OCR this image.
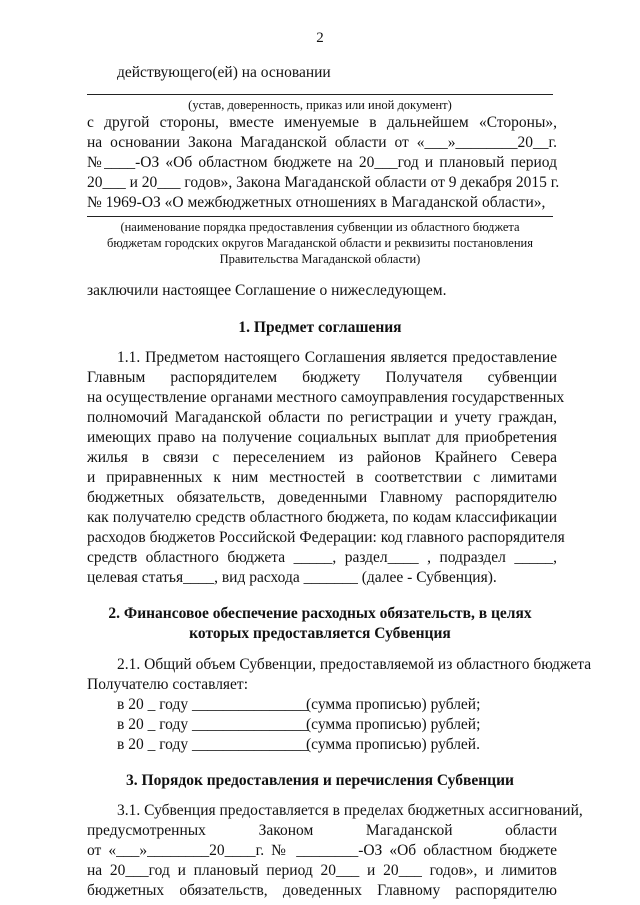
2
действующего(ей) на основании
(устав, доверенность, приказ или иной документ)
с другой стороны, вместе именуемые в дальнейшем «Стороны»,
на основании Закона Магаданской области от «___»________20__г.
№____-ОЗ «Об областном бюджете на 20___год и плановый период
20___ и 20___ годов», Закона Магаданской области от 9 декабря 2015 г.
№ 1969-ОЗ «О межбюджетных отношениях в Магаданской области»,
(наименование порядка предоставления субвенции из областного бюджета
бюджетам городских округов Магаданской области и реквизиты постановления
Правительства Магаданской области)
заключили настоящее Соглашение о нижеследующем.
1. Предмет соглашения
1.1. Предметом настоящего Соглашения является предоставление
Главным распорядителем бюджету Получателя субвенции
на осуществление органами местного самоуправления государственных
полномочий Магаданской области по регистрации и учету граждан,
имеющих право на получение социальных выплат для приобретения
жилья в связи с переселением из районов Крайнего Севера
и приравненных к ним местностей в соответствии с лимитами
бюджетных обязательств, доведенными Главному распорядителю
как получателю средств областного бюджета, по кодам классификации
расходов бюджетов Российской Федерации: код главного распорядителя
средств областного бюджета _____, раздел____ , подраздел _____,
целевая статья____, вид расхода _______ (далее - Субвенция).
2. Финансовое обеспечение расходных обязательств, в целях
которых предоставляется Субвенция
2.1. Общий объем Субвенции, предоставляемой из областного бюджета
Получателю составляет:
в 20 _ году _______________
(сумма прописью) рублей;
в 20 _ году _______________
(сумма прописью) рублей;
в 20 _ году _______________
(сумма прописью) рублей.
3. Порядок предоставления и перечисления Субвенции
3.1. Субвенция предоставляется в пределах бюджетных ассигнований,
предусмотренных Законом Магаданской области
от «___»________20____г. № ________-ОЗ «Об областном бюджете
на 20___год и плановый период 20___ и 20___ годов», и лимитов
бюджетных обязательств, доведенных Главному распорядителю
